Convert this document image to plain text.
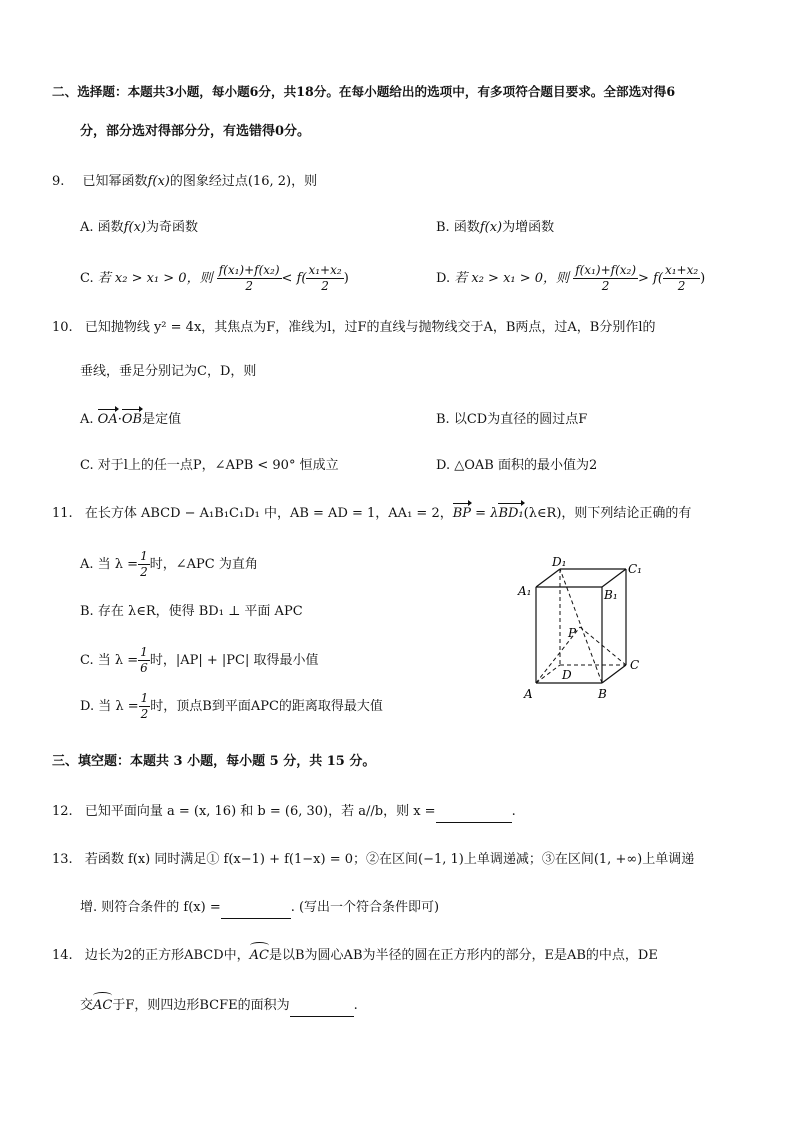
二、选择题：本题共3小题，每小题6分，共18分。在每小题给出的选项中，有多项符合题目要求。全部选对得6
分，部分选对得部分分，有选错得0分。
9. 已知幂函数f(x)的图象经过点(16, 2)，则
A. 函数f(x)为奇函数	B. 函数f(x)为增函数
C. 若 x₂ > x₁ > 0，则 $\frac{\text{f(x₁)+f(x₂)}}{2} < f( \frac{\text{x₁+x₂}}{2}$ )	D. 若 x₂ > x₁ > 0，则 $\frac{\text{f(x₁)+f(x₂)}}{2} > f( \frac{\text{x₁+x₂}}{2}$ )
10. 已知抛物线 y² = 4x，其焦点为F，准线为l，过F的直线与抛物线交于A，B两点，过A，B分别作l的
垂线，垂足分别记为C，D，则
A. OA·OB是定值	B. 以CD为直径的圆过点F
C. 对于l上的任一点P，∠APB < 90° 恒成立	D. △OAB 面积的最小值为2
11. 在长方体 ABCD − A₁B₁C₁D₁ 中，AB = AD = 1，AA₁ = 2，BP = λBD₁(λ∈R)，则下列结论正确的有
A. 当 $\lambda = \frac{1}{2}$ 时，∠APC 为直角
B. 存在 λ∈R，使得 BD₁ ⊥ 平面 APC
C. 当 $\lambda = \frac{1}{6}$ 时，|AP| + |PC| 取得最小值
D. 当 $\lambda = \frac{1}{2}$ 时，顶点B到平面APC的距离取得最大值
D₁	C₁
A₁	B₁
P
D
C
A	B
三、填空题：本题共 3 小题，每小题 5 分，共 15 分。
12. 已知平面向量 a = (x, 16) 和 b = (6, 30)，若 a//b，则 x =	.
13. 若函数 f(x) 同时满足① f(x−1) + f(1−x) = 0；②在区间(−1, 1)上单调递减；③在区间(1, +∞)上单调递
增. 则符合条件的 f(x) =	. (写出一个符合条件即可)
14. 边长为2的正方形ABCD中，AC是以B为圆心AB为半径的圆在正方形内的部分，E是AB的中点，DE
交AC于F，则四边形BCFE的面积为	.
